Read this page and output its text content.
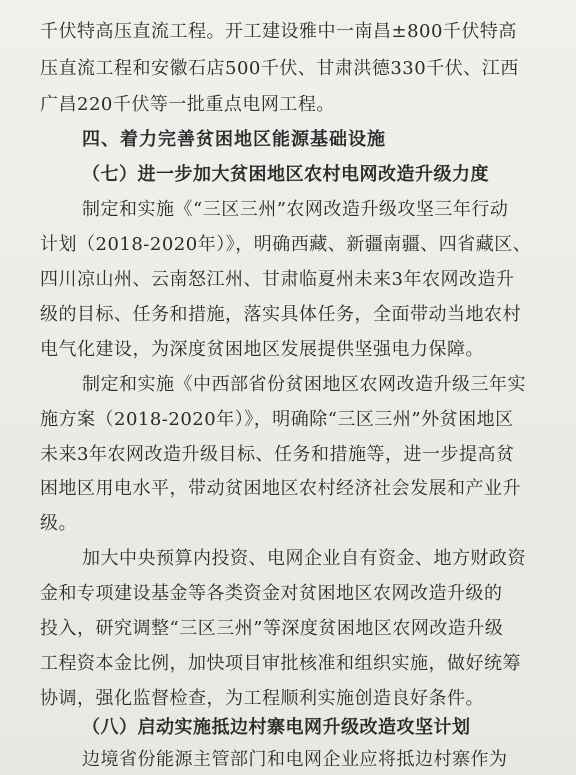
千伏特高压直流工程。开工建设雅中一南昌±800千伏特高
压直流工程和安徽石店500千伏、甘肃洪德330千伏、江西
广昌220千伏等一批重点电网工程。
四、着力完善贫困地区能源基础设施
（七）进一步加大贫困地区农村电网改造升级力度
制定和实施《“三区三州”农网改造升级攻坚三年行动
计划（2018-2020年）》，明确西藏、新疆南疆、四省藏区、
四川凉山州、云南怒江州、甘肃临夏州未来3年农网改造升
级的目标、任务和措施，落实具体任务，全面带动当地农村
电气化建设，为深度贫困地区发展提供坚强电力保障。
制定和实施《中西部省份贫困地区农网改造升级三年实
施方案（2018-2020年）》，明确除“三区三州”外贫困地区
未来3年农网改造升级目标、任务和措施等，进一步提高贫
困地区用电水平，带动贫困地区农村经济社会发展和产业升
级。
加大中央预算内投资、电网企业自有资金、地方财政资
金和专项建设基金等各类资金对贫困地区农网改造升级的
投入，研究调整“三区三州”等深度贫困地区农网改造升级
工程资本金比例，加快项目审批核准和组织实施，做好统筹
协调，强化监督检查，为工程顺利实施创造良好条件。
（八）启动实施抵边村寨电网升级改造攻坚计划
边境省份能源主管部门和电网企业应将抵边村寨作为
